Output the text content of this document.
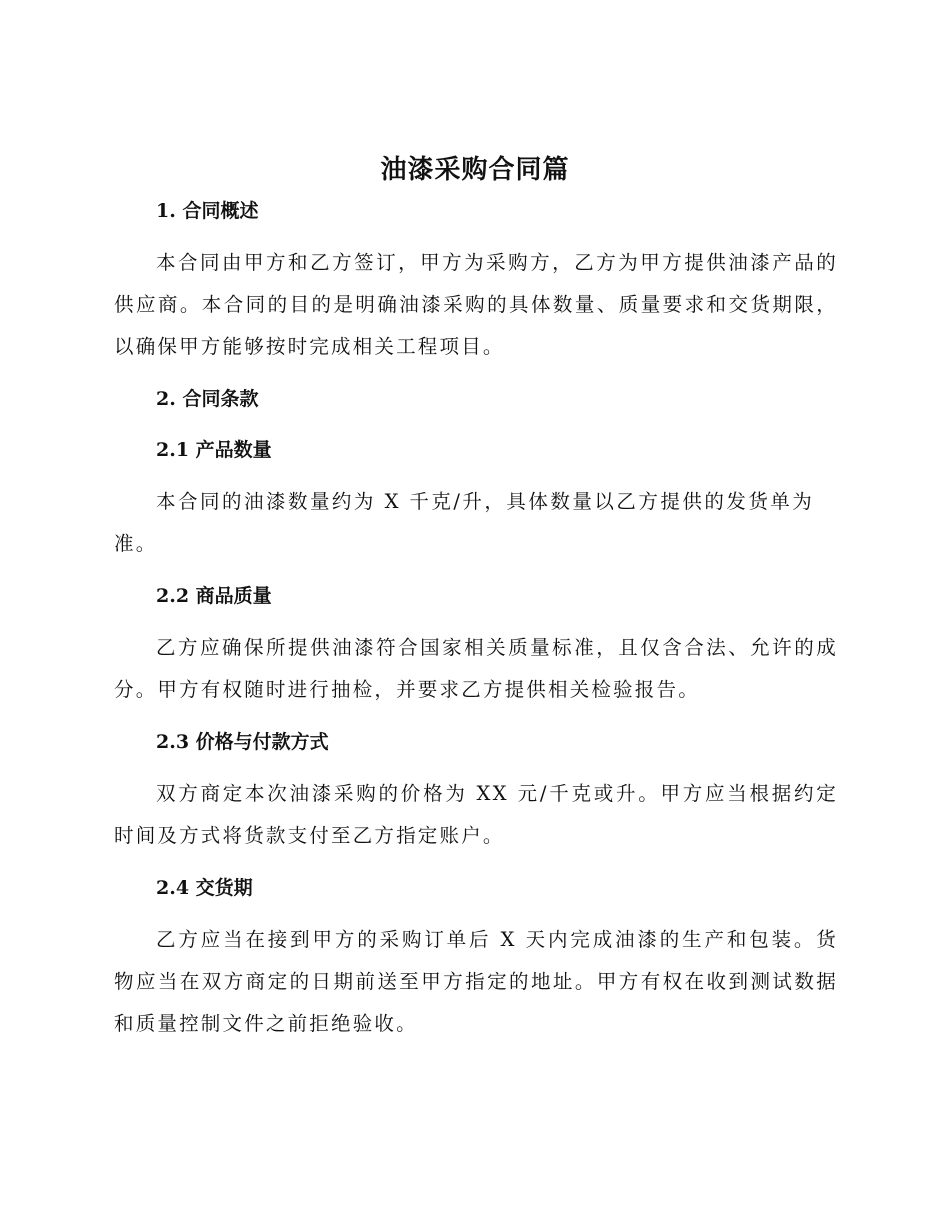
油漆采购合同篇
1. 合同概述
本合同由甲方和乙方签订，甲方为采购方，乙方为甲方提供油漆产品的供应商。本合同的目的是明确油漆采购的具体数量、质量要求和交货期限，以确保甲方能够按时完成相关工程项目。
2. 合同条款
2.1 产品数量
本合同的油漆数量约为 X 千克/升，具体数量以乙方提供的发货单为准。
2.2 商品质量
乙方应确保所提供油漆符合国家相关质量标准，且仅含合法、允许的成分。甲方有权随时进行抽检，并要求乙方提供相关检验报告。
2.3 价格与付款方式
双方商定本次油漆采购的价格为 XX 元/千克或升。甲方应当根据约定时间及方式将货款支付至乙方指定账户。
2.4 交货期
乙方应当在接到甲方的采购订单后 X 天内完成油漆的生产和包装。货物应当在双方商定的日期前送至甲方指定的地址。甲方有权在收到测试数据和质量控制文件之前拒绝验收。
